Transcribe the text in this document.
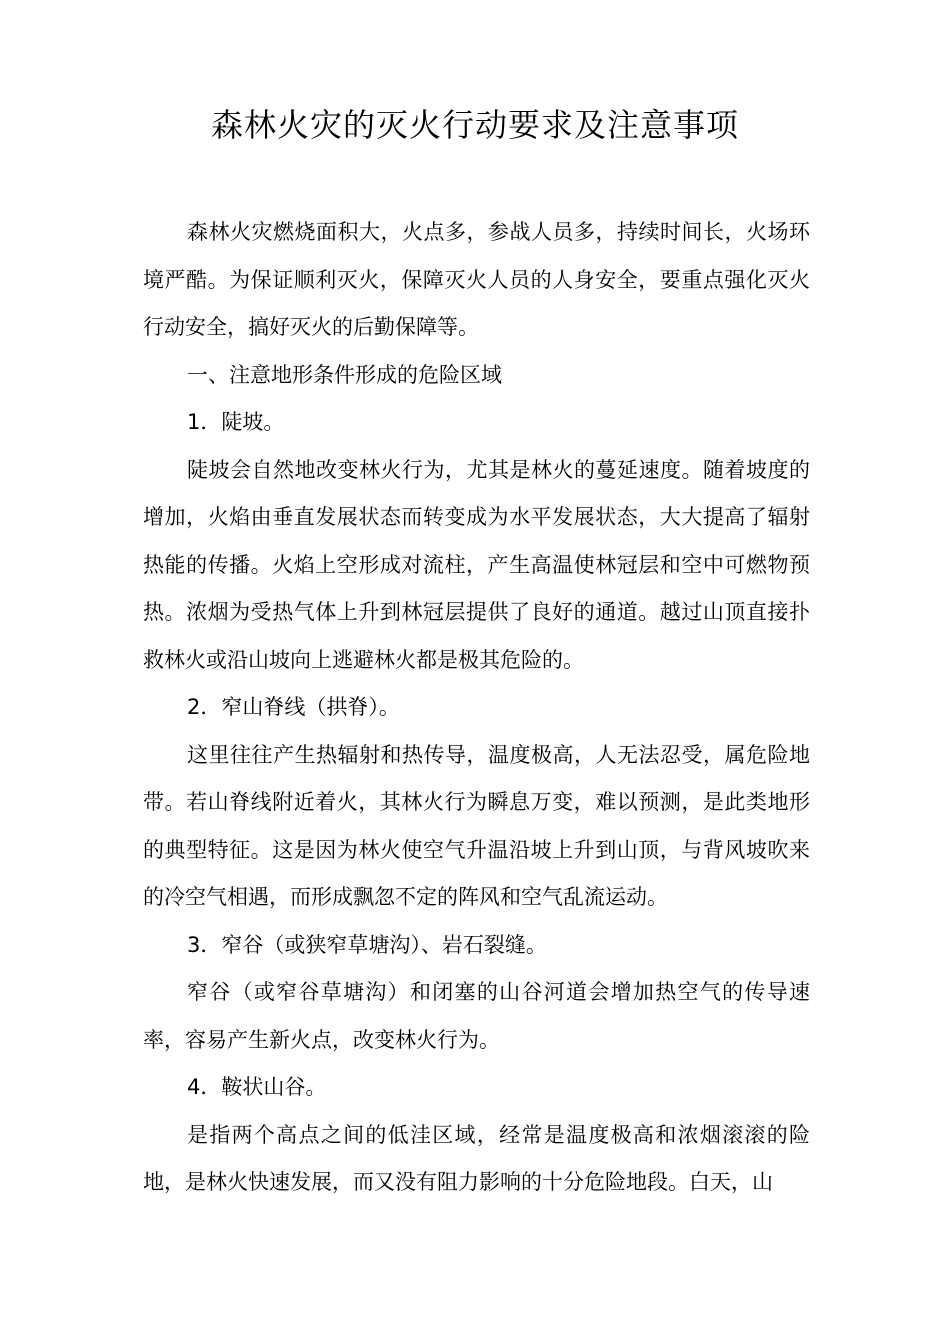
森林火灾的灭火行动要求及注意事项

森林火灾燃烧面积大，火点多，参战人员多，持续时间长，火场环境严酷。为保证顺利灭火，保障灭火人员的人身安全，要重点强化灭火行动安全，搞好灭火的后勤保障等。

一、注意地形条件形成的危险区域

1．陡坡。

陡坡会自然地改变林火行为，尤其是林火的蔓延速度。随着坡度的增加，火焰由垂直发展状态而转变成为水平发展状态，大大提高了辐射热能的传播。火焰上空形成对流柱，产生高温使林冠层和空中可燃物预热。浓烟为受热气体上升到林冠层提供了良好的通道。越过山顶直接扑救林火或沿山坡向上逃避林火都是极其危险的。

2．窄山脊线（拱脊）。

这里往往产生热辐射和热传导，温度极高，人无法忍受，属危险地带。若山脊线附近着火，其林火行为瞬息万变，难以预测，是此类地形的典型特征。这是因为林火使空气升温沿坡上升到山顶，与背风坡吹来的冷空气相遇，而形成飘忽不定的阵风和空气乱流运动。

3．窄谷（或狭窄草塘沟）、岩石裂缝。

窄谷（或窄谷草塘沟）和闭塞的山谷河道会增加热空气的传导速率，容易产生新火点，改变林火行为。

4．鞍状山谷。

是指两个高点之间的低洼区域，经常是温度极高和浓烟滚滚的险地，是林火快速发展，而又没有阻力影响的十分危险地段。白天，山
